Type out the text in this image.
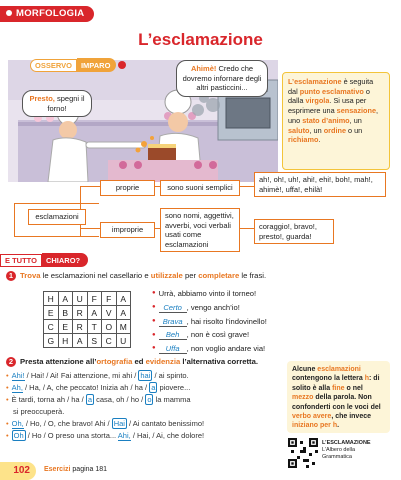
MORFOLOGIA
L’esclamazione
OSSERVO	IMPARO
Presto, spegni il forno!
Ahimè! Credo che dovremo infornare degli altri pasticcini...
L’esclamazione è seguita dal punto esclamativo o dalla virgola. Si usa per esprimere una sensazione, uno stato d’animo, un saluto, un ordine o un richiamo.
esclamazioni
proprie	sono suoni semplici
ah!, oh!, uh!, ahi!, ehi!, boh!, mah!, ahimè!, uffa!, ehilà!
improprie
sono nomi, aggettivi, avverbi, voci verbali usati come esclamazioni
coraggio!, bravo!, presto!, guarda!
E TUTTO	CHIARO?
1 Trova le esclamazioni nel casellario e utilizzale per completare le frasi.
H	A	U	F	F	A
E	B	R	A	V	A
C	E	R	T	O	M
G	H	A	S	C	U
● Urrà, abbiamo vinto il torneo!
● Certo , vengo anch’io!
● Brava , hai risolto l’indovinello!
● Beh , non è così grave!
● Uffa , non voglio andare via!
2 Presta attenzione all’ortografia ed evidenzia l’alternativa corretta.
• Ahi! / Hai! / Ai! Fai attenzione, mi ahi / hai / ai spinto.
• Ah, / Ha, / A, che peccato! Inizia ah / ha / a piovere...
• È tardi, torna ah / ha / a casa, oh / ho / o la mamma
si preoccuperà.
• Oh, / Ho, / O, che bravo! Ahi / Hai / Ai cantato benissimo!
• Oh / Ho / O preso una storta... Ahi, / Hai, / Ai, che dolore!
Alcune esclamazioni contengono la lettera h: di solito è alla fine o nel mezzo della parola. Non confonderti con le voci del verbo avere, che invece iniziano per h.
L’ESCLAMAZIONE
L’Albero della
Grammatica
102	Esercizi pagina 181
